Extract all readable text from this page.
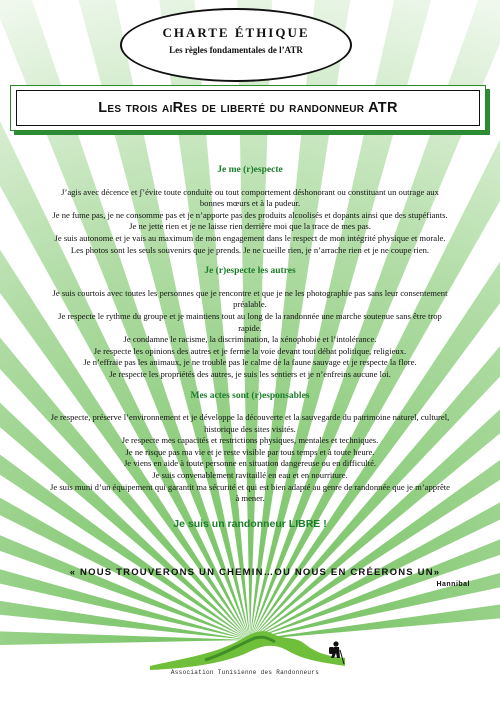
CHARTE ÉTHIQUE
Les règles fondamentales de l’ATR
Les trois aiRes de liberté du randonneur ATR
Je me (r)especte
J’agis avec décence et ʃ’évite toute conduite ou tout comportement déshonorant ou constituant un outrage aux
bonnes mœurs et à la pudeur.
Je ne fume pas, je ne consomme pas et je n’apporte pas des produits alcoolisés et dopants ainsi que des stupéfiants.
Je ne jette rien et je ne laisse rien derrière moi que la trace de mes pas.
Je suis autonome et je vais au maximum de mon engagement dans le respect de mon intégrité physique et morale.
Les photos sont les seuls souvenirs que je prends. Je ne cueille rien, je n’arrache rien et je ne coupe rien.
Je (r)especte les autres
Je suis courtois avec toutes les personnes que je rencontre et que je ne les photographie pas sans leur consentement
préalable.
Je respecte le rythme du groupe et je maintiens tout au long de la randonnée une marche soutenue sans être trop
rapide.
Je condamne le racisme, la discrimination, la xénophobie et l’intolérance.
Je respecte les opinions des autres et je ferme la voie devant tout débat politique, religieux.
Je n’effraie pas les animaux, je ne trouble pas le calme de la faune sauvage et je respecte la flore.
Je respecte les propriétés des autres, je suis les sentiers et je n’enfreins aucune loi.
Mes actes sont (r)esponsables
Je respecte, préserve l’environnement et je développe la découverte et la sauvegarde du patrimoine naturel, culturel,
historique des sites visités.
Je respecte mes capacités et restrictions physiques, mentales et techniques.
Je ne risque pas ma vie et je reste visible par tous temps et à toute heure.
Je viens en aide à toute personne en situation dangereuse ou en difficulté.
Je suis convenablement ravitaillé en eau et en nourriture.
Je suis muni d’un équipement qui garantit ma sécurité et qui est bien adapté au genre de randonnée que je m’apprête
à mener.
Je suis un randonneur LIBRE !
« NOUS TROUVERONS UN CHEMIN…OU NOUS EN CRÉERONS UN»
Hannibal
Association Tunisienne des Randonneurs
